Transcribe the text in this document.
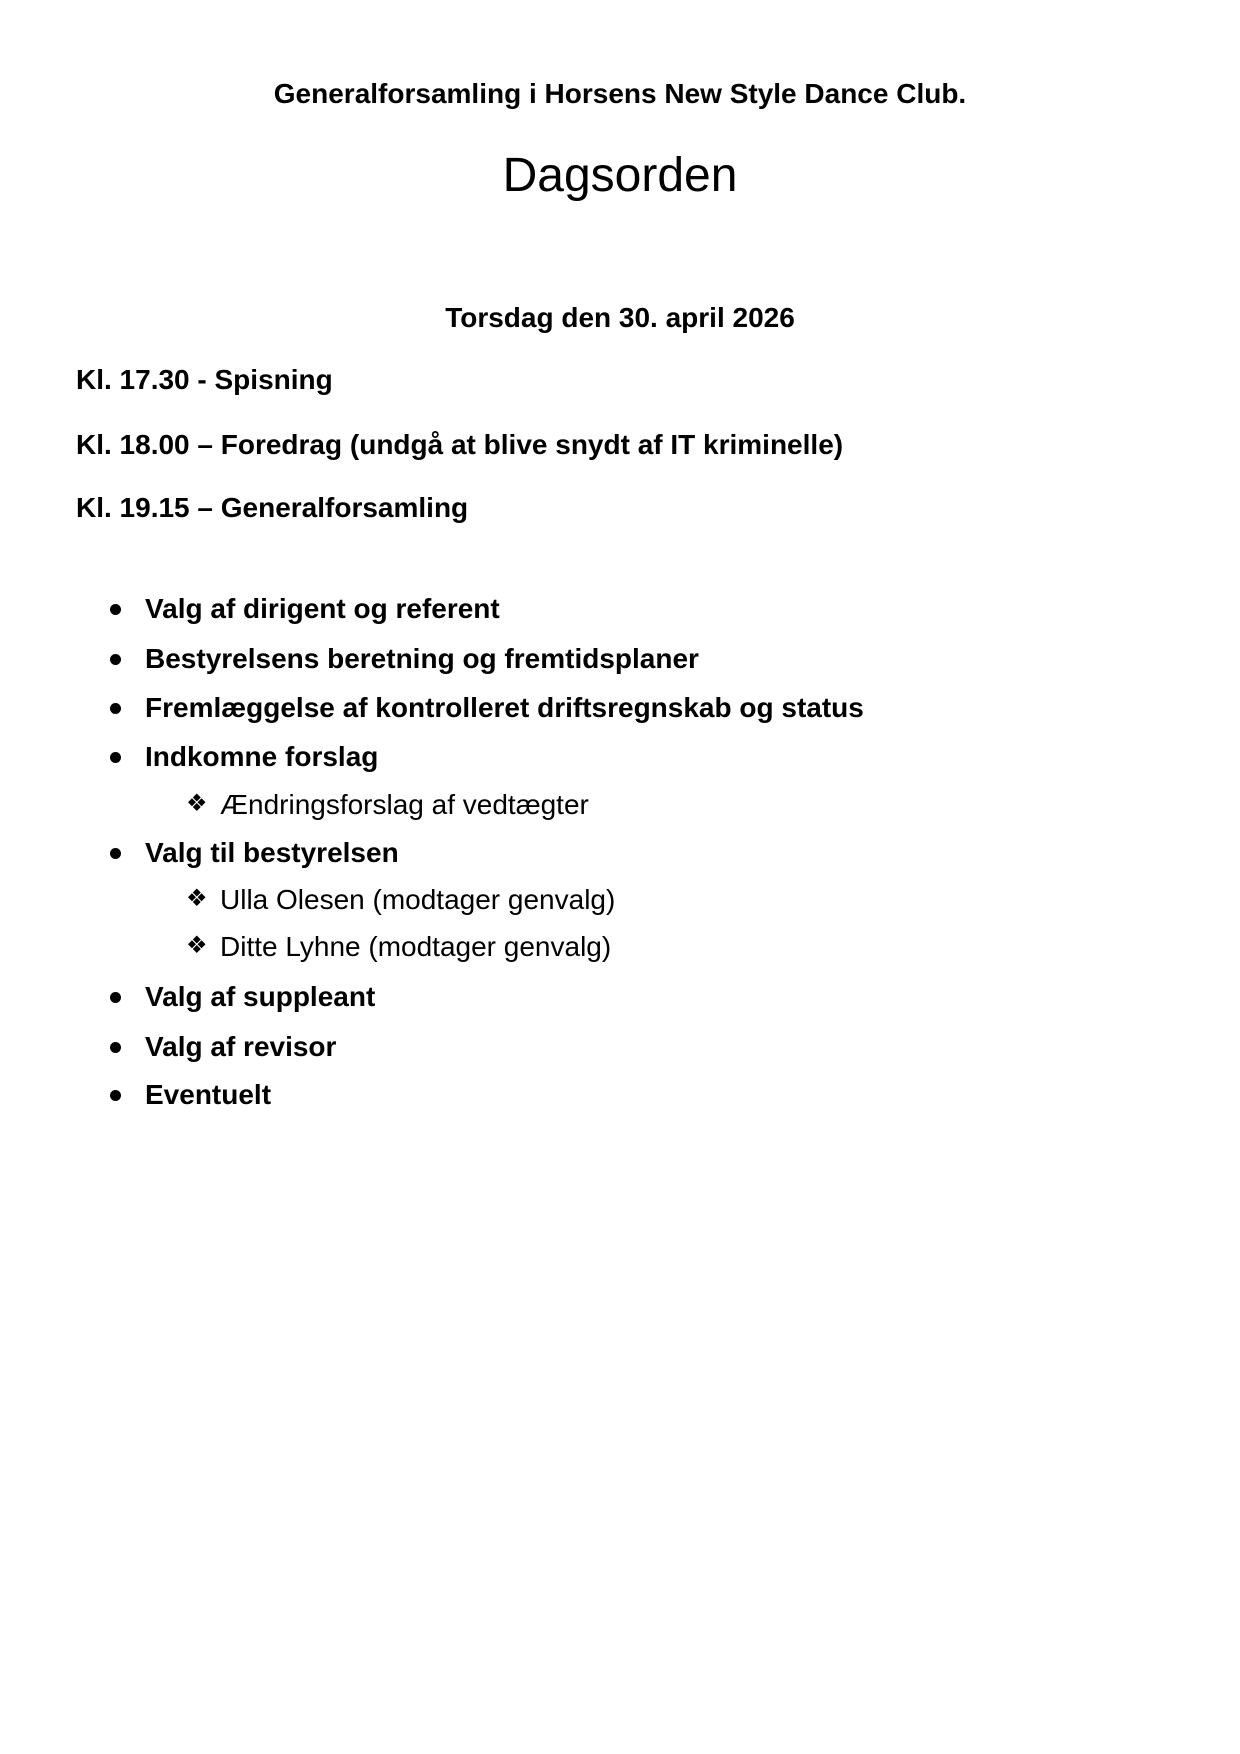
Generalforsamling i Horsens New Style Dance Club.
Dagsorden
Torsdag den 30. april 2026
Kl. 17.30 - Spisning
Kl. 18.00 – Foredrag (undgå at blive snydt af IT kriminelle)
Kl. 19.15 – Generalforsamling
Valg af dirigent og referent
Bestyrelsens beretning og fremtidsplaner
Fremlæggelse af kontrolleret driftsregnskab og status
Indkomne forslag
❖ Ændringsforslag af vedtægter
Valg til bestyrelsen
❖ Ulla Olesen (modtager genvalg)
❖ Ditte Lyhne (modtager genvalg)
Valg af suppleant
Valg af revisor
Eventuelt
